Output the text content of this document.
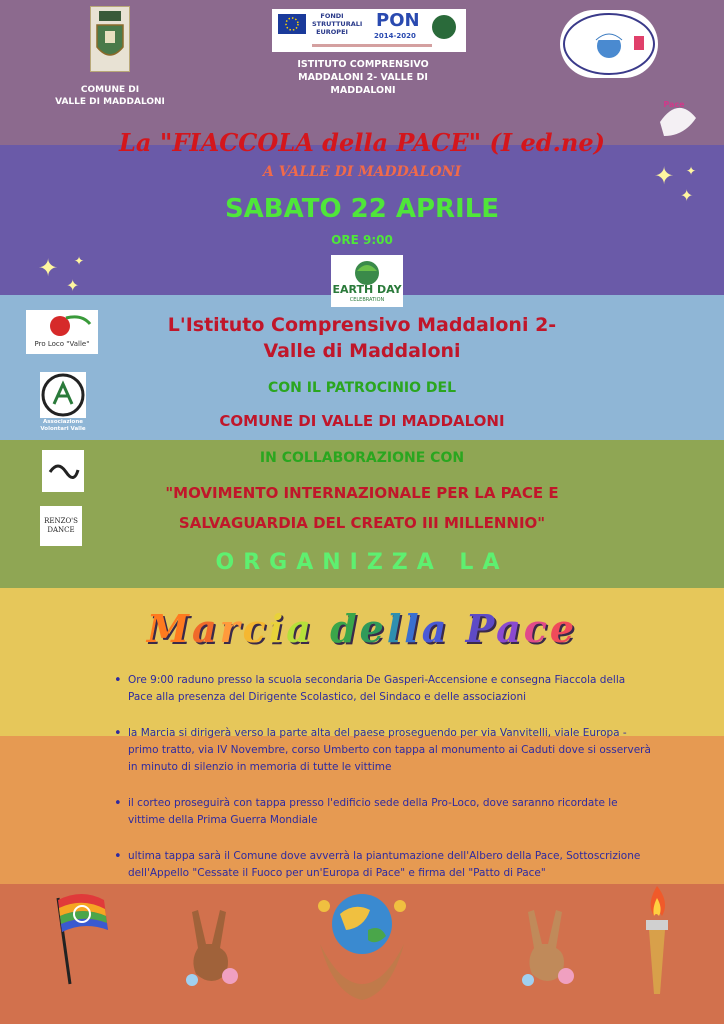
COMUNE DI
VALLE DI MADDALONI
FONDI
STRUTTURALI
EUROPEI
PON
2014-2020
ISTITUTO COMPRENSIVO
MADDALONI 2- VALLE DI
MADDALONI
Pace
La "FIACCOLA della PACE" (I ed.ne)
A VALLE DI MADDALONI
SABATO 22 APRILE
ORE 9:00
EARTH DAY
CELEBRATION
✦
✦
✦
✦
✦
✦
Pro Loco "Valle"
Associazione
Volontari Valle
RENZO'S
DANCE
L'Istituto Comprensivo Maddaloni 2-
Valle di Maddaloni
CON IL PATROCINIO DEL
COMUNE DI VALLE DI MADDALONI
IN COLLABORAZIONE CON
"MOVIMENTO INTERNAZIONALE PER LA PACE E
SALVAGUARDIA DEL CREATO III MILLENNIO"
ORGANIZZA LA
Marcia della Pace
• Ore 9:00 raduno presso la scuola secondaria De Gasperi-Accensione e consegna Fiaccola della Pace alla presenza del Dirigente Scolastico, del Sindaco e delle associazioni
• la Marcia si dirigerà verso la parte alta del paese proseguendo per via Vanvitelli, viale Europa -primo tratto, via IV Novembre, corso Umberto con tappa al monumento ai Caduti dove si osserverà in minuto di silenzio in memoria di tutte le vittime
• il corteo proseguirà con tappa presso l'edificio sede della Pro-Loco, dove saranno ricordate le vittime della Prima Guerra Mondiale
• ultima tappa sarà il Comune dove avverrà la piantumazione dell'Albero della Pace, Sottoscrizione dell'Appello "Cessate il Fuoco per un'Europa di Pace" e firma del "Patto di Pace"
